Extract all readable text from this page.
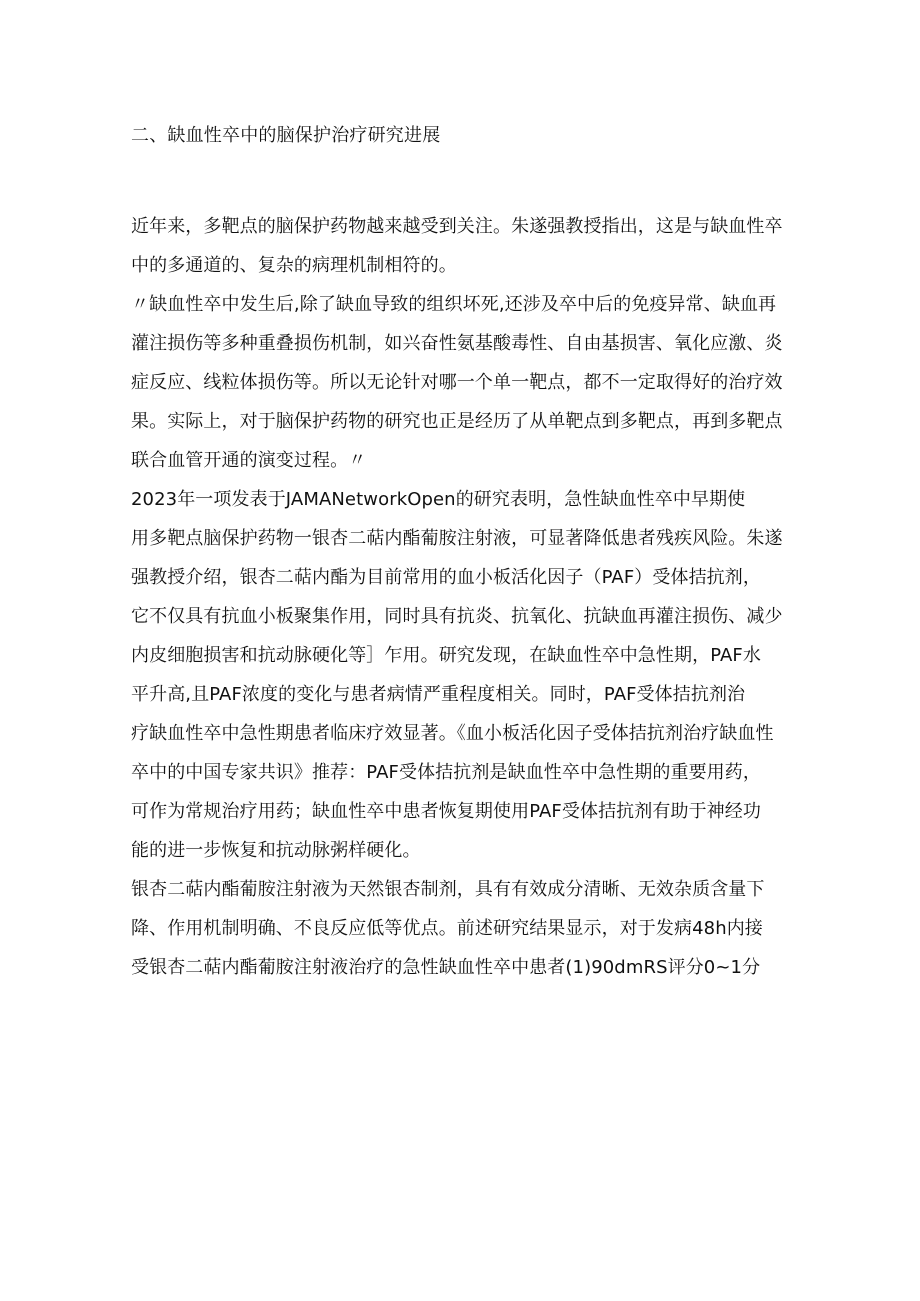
二、缺血性卒中的脑保护治疗研究进展
近年来，多靶点的脑保护药物越来越受到关注。朱遂强教授指出，这是与缺血性卒
中的多通道的、复杂的病理机制相符的。
〃缺血性卒中发生后,除了缺血导致的组织坏死,还涉及卒中后的免疫异常、缺血再
灌注损伤等多种重叠损伤机制，如兴奋性氨基酸毒性、自由基损害、氧化应激、炎
症反应、线粒体损伤等。所以无论针对哪一个单一靶点，都不一定取得好的治疗效
果。实际上，对于脑保护药物的研究也正是经历了从单靶点到多靶点，再到多靶点
联合血管开通的演变过程。〃
2023年一项发表于JAMANetworkOpen的研究表明，急性缺血性卒中早期使
用多靶点脑保护药物一银杏二萜内酯葡胺注射液，可显著降低患者残疾风险。朱遂
强教授介绍，银杏二萜内酯为目前常用的血小板活化因子（PAF）受体拮抗剂，
它不仅具有抗血小板聚集作用，同时具有抗炎、抗氧化、抗缺血再灌注损伤、减少
内皮细胞损害和抗动脉硬化等］乍用。研究发现，在缺血性卒中急性期，PAF水
平升高,且PAF浓度的变化与患者病情严重程度相关。同时，PAF受体拮抗剂治
疗缺血性卒中急性期患者临床疗效显著。《血小板活化因子受体拮抗剂治疗缺血性
卒中的中国专家共识》推荐：PAF受体拮抗剂是缺血性卒中急性期的重要用药，
可作为常规治疗用药；缺血性卒中患者恢复期使用PAF受体拮抗剂有助于神经功
能的进一步恢复和抗动脉粥样硬化。
银杏二萜内酯葡胺注射液为天然银杏制剂，具有有效成分清晰、无效杂质含量下
降、作用机制明确、不良反应低等优点。前述研究结果显示，对于发病48h内接
受银杏二萜内酯葡胺注射液治疗的急性缺血性卒中患者(1)90dmRS评分0~1分
